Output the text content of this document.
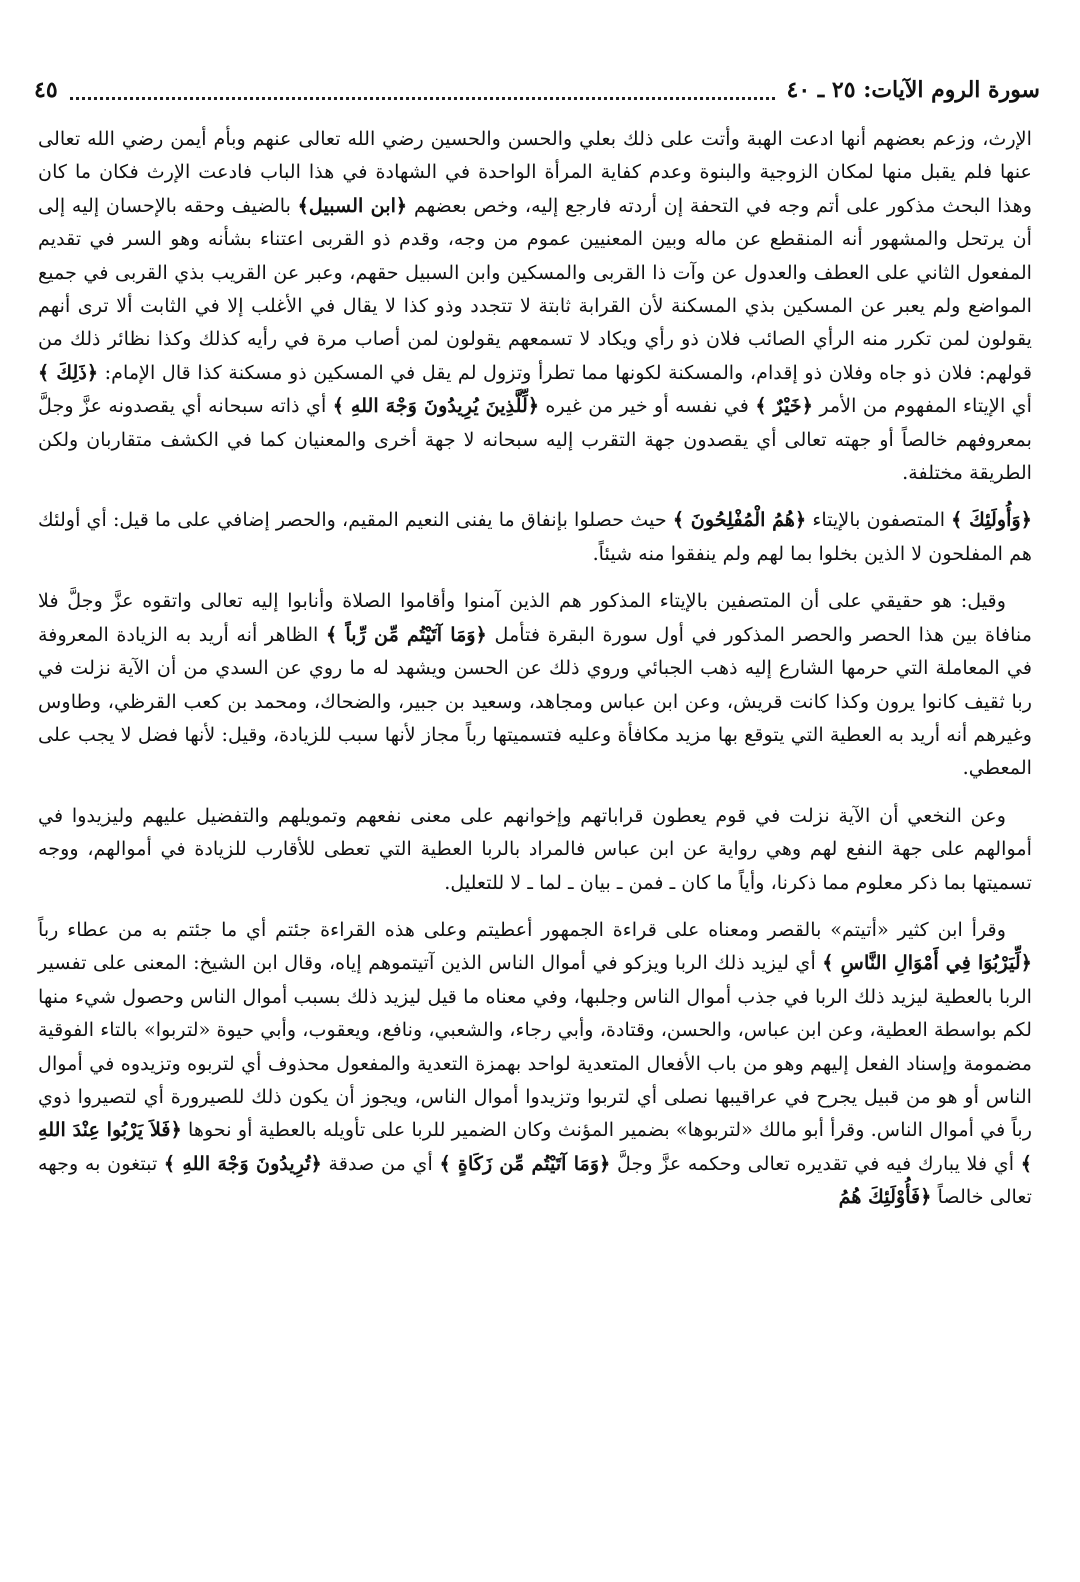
سورة الروم الآيات: ٢٥ ـ ٤٠
٤٥

الإرث، وزعم بعضهم أنها ادعت الهبة وأتت على ذلك بعلي والحسن والحسين رضي الله تعالى عنهم وبأم أيمن رضي الله تعالى عنها فلم يقبل منها لمكان الزوجية والبنوة وعدم كفاية المرأة الواحدة في الشهادة في هذا الباب فادعت الإرث فكان ما كان وهذا البحث مذكور على أتم وجه في التحفة إن أردته فارجع إليه، وخص بعضهم ﴿ابن السبيل﴾ بالضيف وحقه بالإحسان إليه إلى أن يرتحل والمشهور أنه المنقطع عن ماله وبين المعنيين عموم من وجه، وقدم ذو القربى اعتناء بشأنه وهو السر في تقديم المفعول الثاني على العطف والعدول عن وآت ذا القربى والمسكين وابن السبيل حقهم، وعبر عن القريب بذي القربى في جميع المواضع ولم يعبر عن المسكين بذي المسكنة لأن القرابة ثابتة لا تتجدد وذو كذا لا يقال في الأغلب إلا في الثابت ألا ترى أنهم يقولون لمن تكرر منه الرأي الصائب فلان ذو رأي ويكاد لا تسمعهم يقولون لمن أصاب مرة في رأيه كذلك وكذا نظائر ذلك من قولهم: فلان ذو جاه وفلان ذو إقدام، والمسكنة لكونها مما تطرأ وتزول لم يقل في المسكين ذو مسكنة كذا قال الإمام: ﴿ذَلِكَ ﴾ أي الإيتاء المفهوم من الأمر ﴿خَيْرٌ ﴾ في نفسه أو خير من غيره ﴿لِّلَّذِينَ يُرِيدُونَ وَجْهَ اللهِ ﴾ أي ذاته سبحانه أي يقصدونه عزَّ وجلَّ بمعروفهم خالصاً أو جهته تعالى أي يقصدون جهة التقرب إليه سبحانه لا جهة أخرى والمعنيان كما في الكشف متقاربان ولكن الطريقة مختلفة.

﴿وَأُولَئِكَ ﴾ المتصفون بالإيتاء ﴿هُمُ الْمُفْلِحُونَ ﴾ حيث حصلوا بإنفاق ما يفنى النعيم المقيم، والحصر إضافي على ما قيل: أي أولئك هم المفلحون لا الذين بخلوا بما لهم ولم ينفقوا منه شيئاً.

وقيل: هو حقيقي على أن المتصفين بالإيتاء المذكور هم الذين آمنوا وأقاموا الصلاة وأنابوا إليه تعالى واتقوه عزَّ وجلَّ فلا منافاة بين هذا الحصر والحصر المذكور في أول سورة البقرة فتأمل ﴿وَمَا آتَيْتُم مِّن رِّباً ﴾ الظاهر أنه أريد به الزيادة المعروفة في المعاملة التي حرمها الشارع إليه ذهب الجبائي وروي ذلك عن الحسن ويشهد له ما روي عن السدي من أن الآية نزلت في ربا ثقيف كانوا يرون وكذا كانت قريش، وعن ابن عباس ومجاهد، وسعيد بن جبير، والضحاك، ومحمد بن كعب القرظي، وطاوس وغيرهم أنه أريد به العطية التي يتوقع بها مزيد مكافأة وعليه فتسميتها رباً مجاز لأنها سبب للزيادة، وقيل: لأنها فضل لا يجب على المعطي.

وعن النخعي أن الآية نزلت في قوم يعطون قراباتهم وإخوانهم على معنى نفعهم وتمويلهم والتفضيل عليهم وليزيدوا في أموالهم على جهة النفع لهم وهي رواية عن ابن عباس فالمراد بالربا العطية التي تعطى للأقارب للزيادة في أموالهم، ووجه تسميتها بما ذكر معلوم مما ذكرنا، وأياً ما كان ـ فمن ـ بيان ـ لما ـ لا للتعليل.

وقرأ ابن كثير «أتيتم» بالقصر ومعناه على قراءة الجمهور أعطيتم وعلى هذه القراءة جئتم أي ما جئتم به من عطاء رباً ﴿لِّيَرْبُوَا فِي أَمْوَالِ النَّاسِ ﴾ أي ليزيد ذلك الربا ويزكو في أموال الناس الذين آتيتموهم إياه، وقال ابن الشيخ: المعنى على تفسير الربا بالعطية ليزيد ذلك الربا في جذب أموال الناس وجلبها، وفي معناه ما قيل ليزيد ذلك بسبب أموال الناس وحصول شيء منها لكم بواسطة العطية، وعن ابن عباس، والحسن، وقتادة، وأبي رجاء، والشعبي، ونافع، ويعقوب، وأبي حيوة «لتربوا» بالتاء الفوقية مضمومة وإسناد الفعل إليهم وهو من باب الأفعال المتعدية لواحد بهمزة التعدية والمفعول محذوف أي لتربوه وتزيدوه في أموال الناس أو هو من قبيل يجرح في عراقيبها نصلى أي لتربوا وتزيدوا أموال الناس، ويجوز أن يكون ذلك للصيرورة أي لتصيروا ذوي رباً في أموال الناس. وقرأ أبو مالك «لتربوها» بضمير المؤنث وكان الضمير للربا على تأويله بالعطية أو نحوها ﴿فَلاَ يَرْبُوا عِنْدَ اللهِ ﴾ أي فلا يبارك فيه في تقديره تعالى وحكمه عزَّ وجلَّ ﴿وَمَا آتَيْتُم مِّن زَكَاةٍ ﴾ أي من صدقة ﴿تُرِيدُونَ وَجْهَ اللهِ ﴾ تبتغون به وجهه تعالى خالصاً ﴿فَأُوْلَئِكَ هُمُ
